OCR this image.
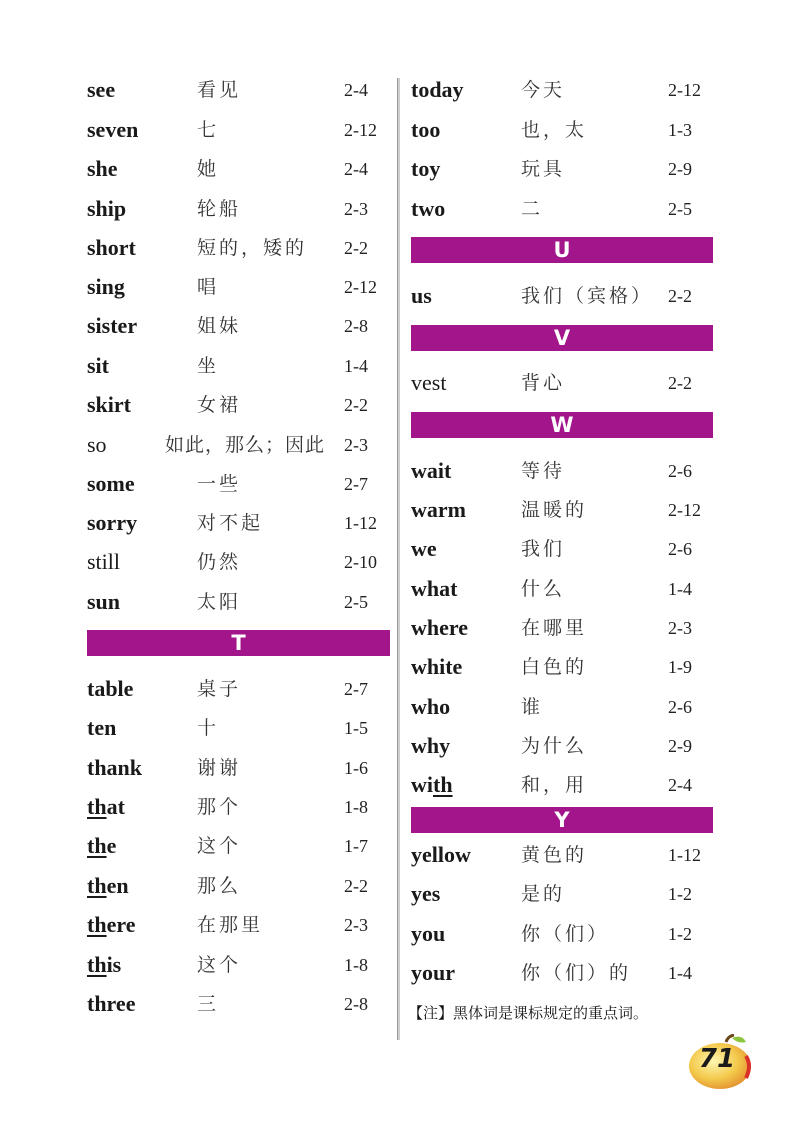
see	看见	2-4
seven	七	2-12
she	她	2-4
ship	轮船	2-3
short	短的，矮的 2-2
sing	唱	2-12
sister	姐妹	2-8
sit	坐	1-4
skirt	女裙	2-2
so	如此，那么；因此 2-3
some	一些	2-7
sorry	对不起	1-12
still	仍然	2-10
sun	太阳	2-5
T
table	桌子	2-7
ten	十	1-5
thank	谢谢	1-6
that	那个	1-8
the	这个	1-7
then	那么	2-2
there	在那里	2-3
this	这个	1-8
three	三	2-8
today	今天	2-12
too	也，太	1-3
toy	玩具	2-9
two	二	2-5
U
us	我们（宾格） 2-2
V
vest	背心	2-2
W
wait	等待	2-6
warm	温暖的	2-12
we	我们	2-6
what	什么	1-4
where	在哪里	2-3
white	白色的	1-9
who	谁	2-6
why	为什么	2-9
with	和，用	2-4
Y
yellow	黄色的	1-12
yes	是的	1-2
you	你（们）	1-2
your	你（们）的 1-4
【注】黑体词是课标规定的重点词。
71
